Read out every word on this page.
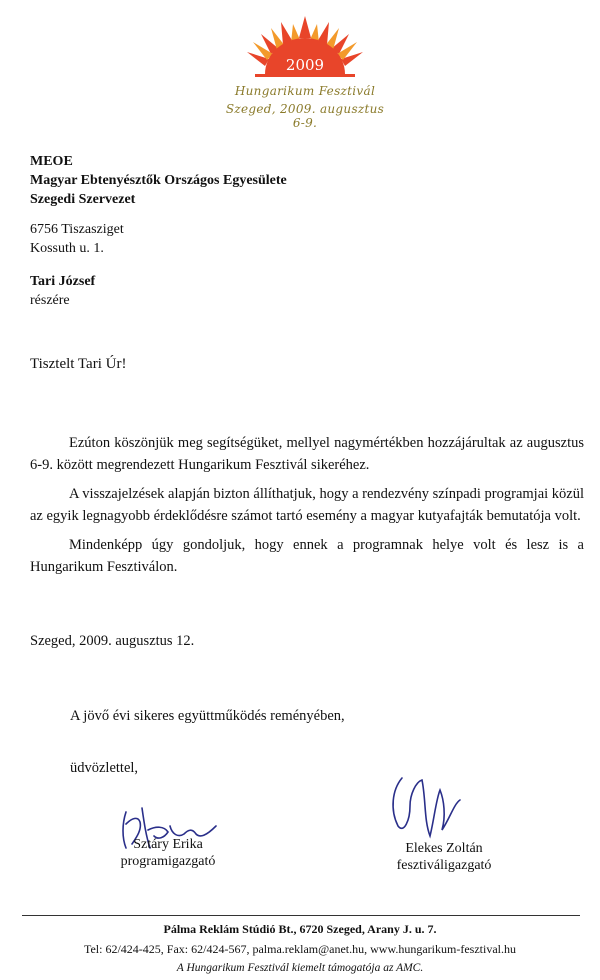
2009
Hungarikum Fesztivál
Szeged, 2009. augusztus 6-9.
MEOE
Magyar Ebtenyésztők Országos Egyesülete
Szegedi Szervezet
6756 Tiszasziget
Kossuth u. 1.
Tari József
részére
Tisztelt Tari Úr!

Ezúton köszönjük meg segítségüket, mellyel nagymértékben hozzájárultak az augusztus 6-9. között megrendezett Hungarikum Fesztivál sikeréhez.

A visszajelzések alapján bizton állíthatjuk, hogy a rendezvény színpadi programjai közül az egyik legnagyobb érdeklődésre számot tartó esemény a magyar kutyafajták bemutatója volt.

Mindenképp úgy gondoljuk, hogy ennek a programnak helye volt és lesz is a Hungarikum Fesztiválon.

Szeged, 2009. augusztus 12.
A jövő évi sikeres együttműködés reményében,
üdvözlettel,
Sztáry Erika
programigazgató
Elekes Zoltán
fesztiváligazgató
Pálma Reklám Stúdió Bt., 6720 Szeged, Arany J. u. 7.
Tel: 62/424-425, Fax: 62/424-567, palma.reklam@anet.hu, www.hungarikum-fesztival.hu
A Hungarikum Fesztivál kiemelt támogatója az AMC.
